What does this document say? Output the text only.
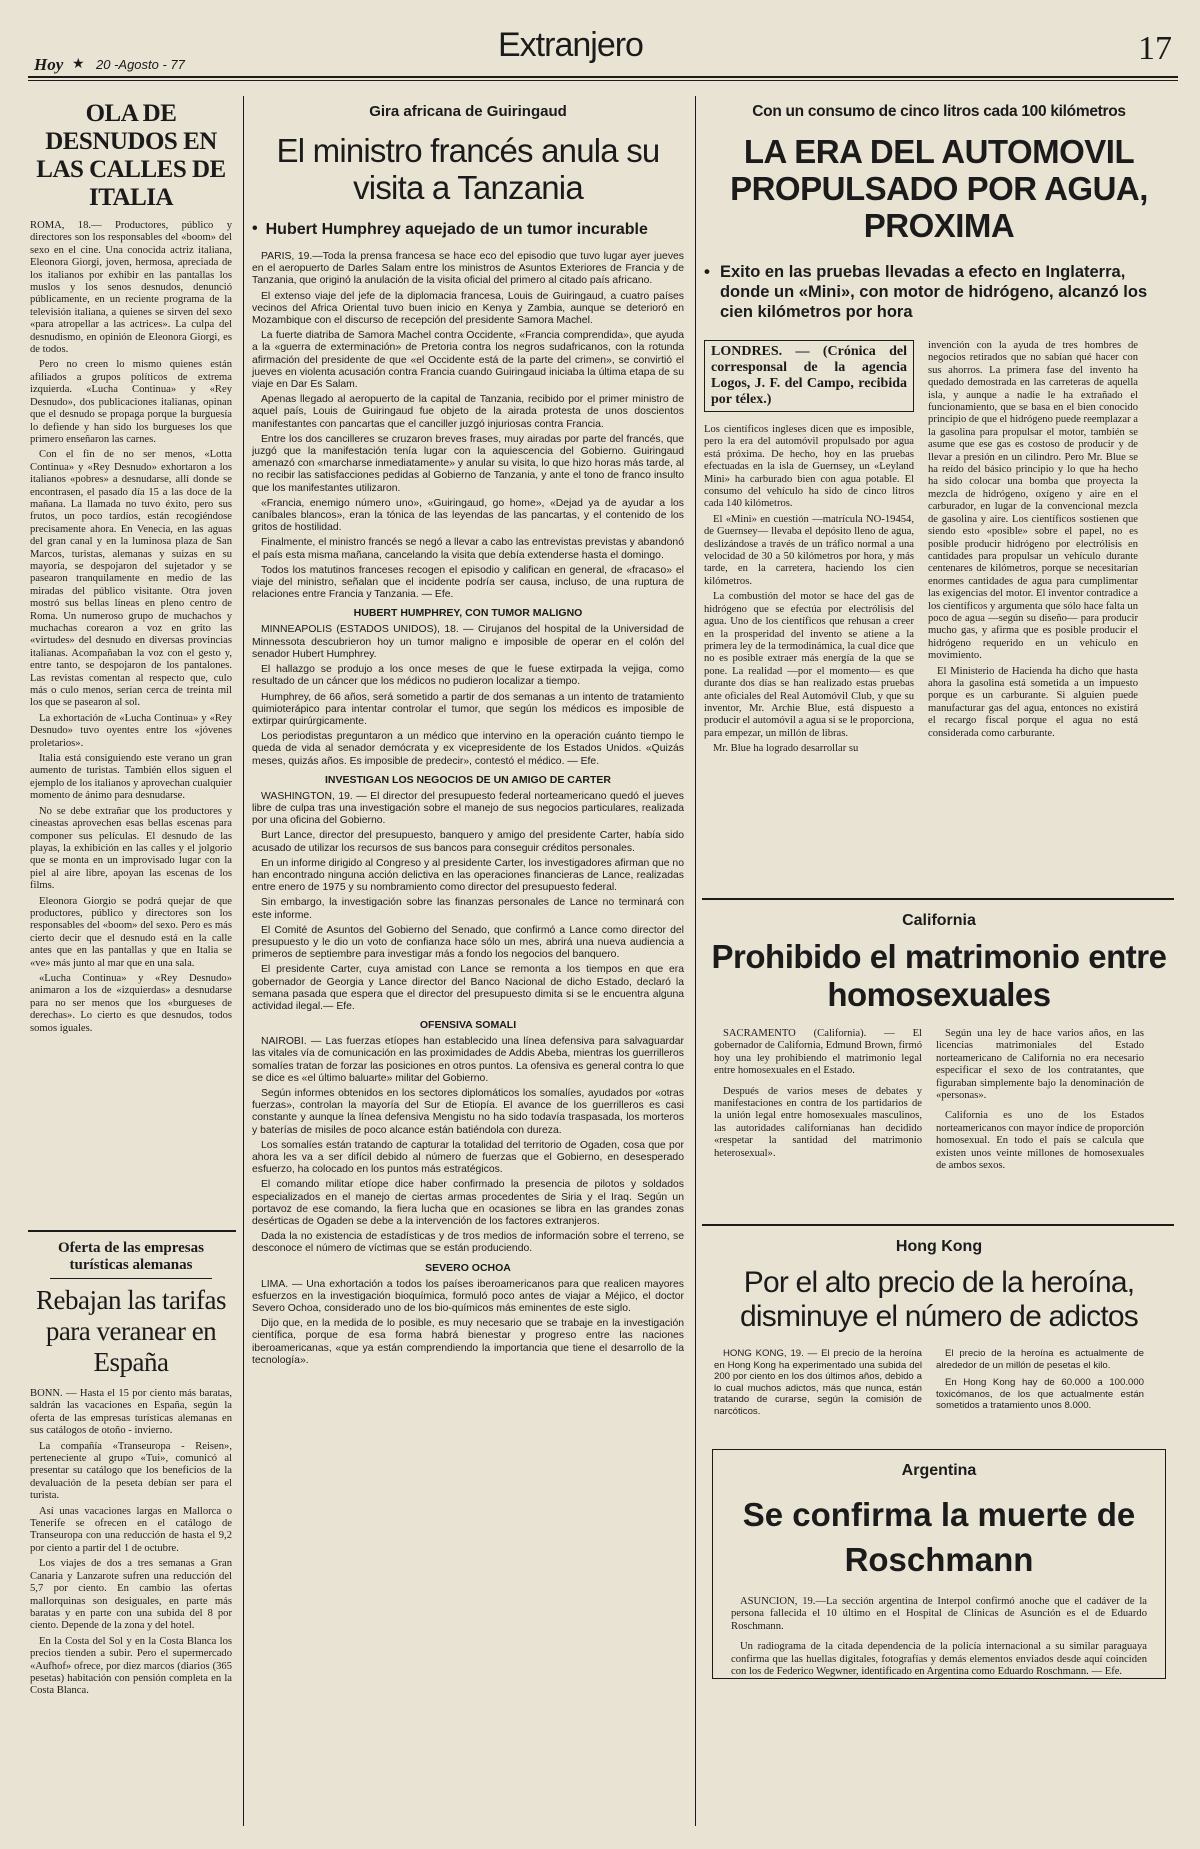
Hoy ★ 20 -Agosto - 77
Extranjero	17
OLA DE DESNUDOS EN LAS CALLES DE ITALIA
ROMA, 18.— Productores, público y directores son los responsables del «boom» del sexo en el cine. Una conocida actriz italiana, Eleonora Giorgi, joven, hermosa, apreciada de los italianos por exhibir en las pantallas los muslos y los senos desnudos, denunció públicamente, en un reciente programa de la televisión italiana, a quienes se sirven del sexo «para atropellar a las actrices». La culpa del desnudismo, en opinión de Eleonora Giorgi, es de todos.
Pero no creen lo mismo quienes están afiliados a grupos políticos de extrema izquierda. «Lucha Continua» y «Rey Desnudo», dos publicaciones italianas, opinan que el desnudo se propaga porque la burguesía lo defiende y han sido los burgueses los que primero enseñaron las carnes.
Con el fin de no ser menos, «Lotta Continua» y «Rey Desnudo» exhortaron a los italianos «pobres» a desnudarse, allí donde se encontrasen, el pasado día 15 a las doce de la mañana. La llamada no tuvo éxito, pero sus frutos, un poco tardíos, están recogiéndose precisamente ahora. En Venecia, en las aguas del gran canal y en la luminosa plaza de San Marcos, turistas, alemanas y suizas en su mayoría, se despojaron del sujetador y se pasearon tranquilamente en medio de las miradas del público visitante. Otra joven mostró sus bellas líneas en pleno centro de Roma. Un numeroso grupo de muchachos y muchachas corearon a voz en grito las «virtudes» del desnudo en diversas provincias italianas. Acompañaban la voz con el gesto y, entre tanto, se despojaron de los pantalones. Las revistas comentan al respecto que, culo más o culo menos, serían cerca de treinta mil los que se pasearon al sol.
La exhortación de «Lucha Continua» y «Rey Desnudo» tuvo oyentes entre los «jóvenes proletarios».
Italia está consiguiendo este verano un gran aumento de turistas. También ellos siguen el ejemplo de los italianos y aprovechan cualquier momento de ánimo para desnudarse.
No se debe extrañar que los productores y cineastas aprovechen esas bellas escenas para componer sus películas. El desnudo de las playas, la exhibición en las calles y el jolgorio que se monta en un improvisado lugar con la piel al aire libre, apoyan las escenas de los films.
Eleonora Giorgio se podrá quejar de que productores, público y directores son los responsables del «boom» del sexo. Pero es más cierto decir que el desnudo está en la calle antes que en las pantallas y que en Italia se «ve» más junto al mar que en una sala.
«Lucha Continua» y «Rey Desnudo» animaron a los de «izquierdas» a desnudarse para no ser menos que los «burgueses de derechas». Lo cierto es que desnudos, todos somos iguales.
Oferta de las empresas turísticas alemanas
Rebajan las tarifas para veranear en España
BONN. — Hasta el 15 por ciento más baratas, saldrán las vacaciones en España, según la oferta de las empresas turísticas alemanas en sus catálogos de otoño - invierno.
La compañía «Transeuropa - Reisen», perteneciente al grupo «Tui», comunicó al presentar su catálogo que los beneficios de la devaluación de la peseta debían ser para el turista.
Así unas vacaciones largas en Mallorca o Tenerife se ofrecen en el catálogo de Transeuropa con una reducción de hasta el 9,2 por ciento a partir del 1 de octubre.
Los viajes de dos a tres semanas a Gran Canaria y Lanzarote sufren una reducción del 5,7 por ciento. En cambio las ofertas mallorquinas son desiguales, en parte más baratas y en parte con una subida del 8 por ciento. Depende de la zona y del hotel.
En la Costa del Sol y en la Costa Blanca los precios tienden a subir. Pero el supermercado «Aufhof» ofrece, por diez marcos (diarios (365 pesetas) habitación con pensión completa en la Costa Blanca.
Gira africana de Guiringaud
El ministro francés anula su visita a Tanzania
• Hubert Humphrey aquejado de un tumor incurable
PARIS, 19.—Toda la prensa francesa se hace eco del episodio que tuvo lugar ayer jueves en el aeropuerto de Darles Salam entre los ministros de Asuntos Exteriores de Francia y de Tanzania, que originó la anulación de la visita oficial del primero al citado país africano.
El extenso viaje del jefe de la diplomacia francesa, Louis de Guiringaud, a cuatro países vecinos del Africa Oriental tuvo buen inicio en Kenya y Zambia, aunque se deterioró en Mozambique con el discurso de recepción del presidente Samora Machel.
La fuerte diatriba de Samora Machel contra Occidente, «Francia comprendida», que ayuda a la «guerra de exterminación» de Pretoria contra los negros sudafricanos, con la rotunda afirmación del presidente de que «el Occidente está de la parte del crimen», se convirtió el jueves en violenta acusación contra Francia cuando Guiringaud iniciaba la última etapa de su viaje en Dar Es Salam.
Apenas llegado al aeropuerto de la capital de Tanzania, recibido por el primer ministro de aquel país, Louis de Guiringaud fue objeto de la airada protesta de unos doscientos manifestantes con pancartas que el canciller juzgó injuriosas contra Francia.
Entre los dos cancilleres se cruzaron breves frases, muy airadas por parte del francés, que juzgó que la manifestación tenía lugar con la aquiescencia del Gobierno. Guiringaud amenazó con «marcharse inmediatamente» y anular su visita, lo que hizo horas más tarde, al no recibir las satisfacciones pedidas al Gobierno de Tanzania, y ante el tono de franco insulto que los manifestantes utilizaron.
«Francia, enemigo número uno», «Guiringaud, go home», «Dejad ya de ayudar a los caníbales blancos», eran la tónica de las leyendas de las pancartas, y el contenido de los gritos de hostilidad.
Finalmente, el ministro francés se negó a llevar a cabo las entrevistas previstas y abandonó el país esta misma mañana, cancelando la visita que debía extenderse hasta el domingo.
Todos los matutinos franceses recogen el episodio y califican en general, de «fracaso» el viaje del ministro, señalan que el incidente podría ser causa, incluso, de una ruptura de relaciones entre Francia y Tanzania. — Efe.
HUBERT HUMPHREY, CON TUMOR MALIGNO
MINNEAPOLIS (ESTADOS UNIDOS), 18. — Cirujanos del hospital de la Universidad de Minnessota descubrieron hoy un tumor maligno e imposible de operar en el colón del senador Hubert Humphrey.
El hallazgo se produjo a los once meses de que le fuese extirpada la vejiga, como resultado de un cáncer que los médicos no pudieron localizar a tiempo.
Humphrey, de 66 años, será sometido a partir de dos semanas a un intento de tratamiento quimioterápico para intentar controlar el tumor, que según los médicos es imposible de extirpar quirúrgicamente.
Los periodistas preguntaron a un médico que intervino en la operación cuánto tiempo le queda de vida al senador demócrata y ex vicepresidente de los Estados Unidos. «Quizás meses, quizás años. Es imposible de predecir», contestó el médico. — Efe.
INVESTIGAN LOS NEGOCIOS DE UN AMIGO DE CARTER
WASHINGTON, 19. — El director del presupuesto federal norteamericano quedó el jueves libre de culpa tras una investigación sobre el manejo de sus negocios particulares, realizada por una oficina del Gobierno.
Burt Lance, director del presupuesto, banquero y amigo del presidente Carter, había sido acusado de utilizar los recursos de sus bancos para conseguir créditos personales.
En un informe dirigido al Congreso y al presidente Carter, los investigadores afirman que no han encontrado ninguna acción delictiva en las operaciones financieras de Lance, realizadas entre enero de 1975 y su nombramiento como director del presupuesto federal.
Sin embargo, la investigación sobre las finanzas personales de Lance no terminará con este informe.
El Comité de Asuntos del Gobierno del Senado, que confirmó a Lance como director del presupuesto y le dio un voto de confianza hace sólo un mes, abrirá una nueva audiencia a primeros de septiembre para investigar más a fondo los negocios del banquero.
El presidente Carter, cuya amistad con Lance se remonta a los tiempos en que era gobernador de Georgia y Lance director del Banco Nacional de dicho Estado, declaró la semana pasada que espera que el director del presupuesto dimita si se le encuentra alguna actividad ilegal.— Efe.
OFENSIVA SOMALI
NAIROBI. — Las fuerzas etíopes han establecido una línea defensiva para salvaguardar las vitales vía de comunicación en las proximidades de Addis Abeba, mientras los guerrilleros somalíes tratan de forzar las posiciones en otros puntos. La ofensiva es general contra lo que se dice es «el último baluarte» militar del Gobierno.
Según informes obtenidos en los sectores diplomáticos los somalíes, ayudados por «otras fuerzas», controlan la mayoría del Sur de Etiopía. El avance de los guerrilleros es casi constante y aunque la línea defensiva Mengistu no ha sido todavía traspasada, los morteros y baterías de misiles de poco alcance están batiéndola con dureza.
Los somalíes están tratando de capturar la totalidad del territorio de Ogaden, cosa que por ahora les va a ser difícil debido al número de fuerzas que el Gobierno, en desesperado esfuerzo, ha colocado en los puntos más estratégicos.
El comando militar etíope dice haber confirmado la presencia de pilotos y soldados especializados en el manejo de ciertas armas procedentes de Siria y el Iraq. Según un portavoz de ese comando, la fiera lucha que en ocasiones se libra en las grandes zonas desérticas de Ogaden se debe a la intervención de los factores extranjeros.
Dada la no existencia de estadísticas y de tros medios de información sobre el terreno, se desconoce el número de víctimas que se están produciendo.
SEVERO OCHOA
LIMA. — Una exhortación a todos los países iberoamericanos para que realicen mayores esfuerzos en la investigación bioquímica, formuló poco antes de viajar a Méjico, el doctor Severo Ochoa, considerado uno de los bio-químicos más eminentes de este siglo.
Dijo que, en la medida de lo posible, es muy necesario que se trabaje en la investigación científica, porque de esa forma habrá bienestar y progreso entre las naciones iberoamericanas, «que ya están comprendiendo la importancia que tiene el desarrollo de la tecnología».
Con un consumo de cinco litros cada 100 kilómetros
LA ERA DEL AUTOMOVIL PROPULSADO POR AGUA, PROXIMA
• Exito en las pruebas llevadas a efecto en Inglaterra, donde un «Mini», con motor de hidrógeno, alcanzó los cien kilómetros por hora
LONDRES. — (Crónica del corresponsal de la agencia Logos, J. F. del Campo, recibida por télex.)
Los científicos ingleses dicen que es imposible, pero la era del automóvil propulsado por agua está próxima. De hecho, hoy en las pruebas efectuadas en la isla de Guernsey, un «Leyland Mini» ha carburado bien con agua potable. El consumo del vehículo ha sido de cinco litros cada 140 kilómetros.
El «Mini» en cuestión —matrícula NO-19454, de Guernsey— llevaba el depósito lleno de agua, deslizándose a través de un tráfico normal a una velocidad de 30 a 50 kilómetros por hora, y más tarde, en la carretera, haciendo los cien kilómetros.
La combustión del motor se hace del gas de hidrógeno que se efectúa por electrólisis del agua. Uno de los científicos que rehusan a creer en la prosperidad del invento se atiene a la primera ley de la termodinámica, la cual dice que no es posible extraer más energía de la que se pone. La realidad —por el momento— es que durante dos días se han realizado estas pruebas ante oficiales del Real Automóvil Club, y que su inventor, Mr. Archie Blue, está dispuesto a producir el automóvil a agua si se le proporciona, para empezar, un millón de libras.
Mr. Blue ha logrado desarrollar su
invención con la ayuda de tres hombres de negocios retirados que no sabían qué hacer con sus ahorros. La primera fase del invento ha quedado demostrada en las carreteras de aquella isla, y aunque a nadie le ha extrañado el funcionamiento, que se basa en el bien conocido principio de que el hidrógeno puede reemplazar a la gasolina para propulsar el motor, también se asume que ese gas es costoso de producir y de llevar a presión en un cilindro. Pero Mr. Blue se ha reído del básico principio y lo que ha hecho ha sido colocar una bomba que proyecta la mezcla de hidrógeno, oxígeno y aire en el carburador, en lugar de la convencional mezcla de gasolina y aire. Los científicos sostienen que siendo esto «posible» sobre el papel, no es posible producir hidrógeno por electrólisis en cantidades para propulsar un vehículo durante centenares de kilómetros, porque se necesitarían enormes cantidades de agua para cumplimentar las exigencias del motor. El inventor contradice a los científicos y argumenta que sólo hace falta un poco de agua —según su diseño— para producir mucho gas, y afirma que es posible producir el hidrógeno requerido en un vehículo en movimiento.
El Ministerio de Hacienda ha dicho que hasta ahora la gasolina está sometida a un impuesto porque es un carburante. Si alguien puede manufacturar gas del agua, entonces no existirá el recargo fiscal porque el agua no está considerada como carburante.
California
Prohibido el matrimonio entre homosexuales
SACRAMENTO (California). — El gobernador de California, Edmund Brown, firmó hoy una ley prohibiendo el matrimonio legal entre homosexuales en el Estado.
Después de varios meses de debates y manifestaciones en contra de los partidarios de la unión legal entre homosexuales masculinos, las autoridades californianas han decidido «respetar la santidad del matrimonio heterosexual».
Según una ley de hace varios años, en las licencias matrimoniales del Estado norteamericano de California no era necesario especificar el sexo de los contratantes, que figuraban simplemente bajo la denominación de «personas».
California es uno de los Estados norteamericanos con mayor índice de proporción homosexual. En todo el país se calcula que existen unos veinte millones de homosexuales de ambos sexos.
Hong Kong
Por el alto precio de la heroína, disminuye el número de adictos
HONG KONG, 19. — El precio de la heroína en Hong Kong ha experimentado una subida del 200 por ciento en los dos últimos años, debido a lo cual muchos adictos, más que nunca, están tratando de curarse, según la comisión de narcóticos.
El precio de la heroína es actualmente de alrededor de un millón de pesetas el kilo.
En Hong Kong hay de 60.000 a 100.000 toxicómanos, de los que actualmente están sometidos a tratamiento unos 8.000.
Argentina
Se confirma la muerte de Roschmann
ASUNCION, 19.—La sección argentina de Interpol confirmó anoche que el cadáver de la persona fallecida el 10 último en el Hospital de Clínicas de Asunción es el de Eduardo Roschmann.
Un radiograma de la citada dependencia de la policía internacional a su similar paraguaya confirma que las huellas digitales, fotografías y demás elementos enviados desde aquí coinciden con los de Federico Wegwner, identificado en Argentina como Eduardo Roschmann. — Efe.
